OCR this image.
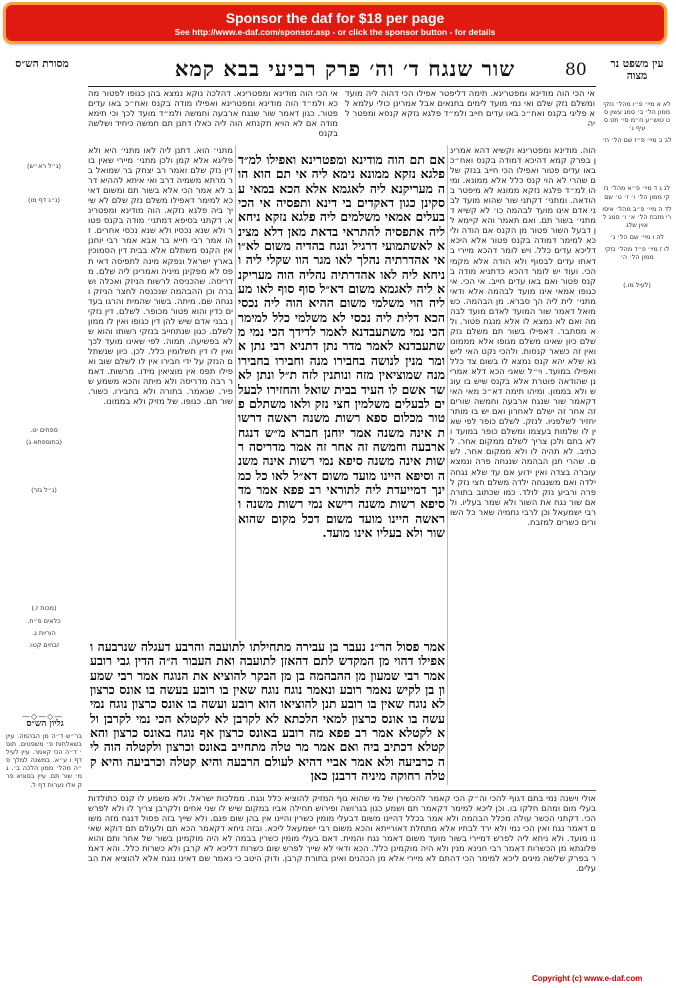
Sponsor the daf for $18 per page
See http://www.e-daf.com/sponsor.asp - or click the sponsor button - for details
80
שור שנגח ד׳ וה׳ פרק רביעי בבא קמא	עין משפט נר מצוה
מסורת הש״ס
אי הכי הוה מודינא ומפטרינא. דהלכה נוקא נמצא בהן כגופו לפטור מהכא ולמ״ד הוה מודינא ומפטרינא ואפילו מודה בקנס ואח״כ באו עדים פטור. כגון דאמר שור שנגח ארבעה וחמשה ולמ״ד מועד לכך וכי תימא מודה אם לא הויא תקנתא הוה ליה כאלו דתנן תם חמשה כיחיד ושלשה בקנס
אי הכי הוה מודינא ומפטרינא. תימה דליפטר אפילו הכי דהוה ליה מועד ומשלם נזק שלם ואי נמי מועד לימים בתנאים אבל אמרינן כולי עלמא לא פליגי בקנס ואח״כ באו עדים חייב ולמ״ד פלגא נזקא קנסא ומפטר ליה
מתני׳ הוא. דתנן ליה לאו מתני׳ היא ולא פליגא אלא קמן ולכן מתני׳ מיירי שאין בו דין נזק שלם ואמר רב יצחק בר שמואל בר מרתא משמיה דרב ואי איתא לההיא דרב לא אמר הכי אלא בשור תם ומשום דאיכא למימר דאפילו משלם נזק שלם לא שייך ביה פלגא נזקא. הוה מודינא ומפטרינא. דקתני בסיפא דמתני׳ מודה בקנס פטור ולא שנא נכסיו ולא שנא נכסי אחרים. זהו אמר רבי חייא בר אבא אמר רבי יוחנן אין הקנס משתלם אלא בבית דין הסמוכין בארץ ישראל ונפקא מינה לתפיסה דאי תפס לא מפקינן מיניה ואמרינן ליה שלם. מדריסה. שהכניסה לרשות הניזק ואכלה ושברה וכן ההבהמה שנכנסה לחצר הניזק ונגחה שם. מיתה. בשור שהמית והרגו בעדים כדין והוא פטור מכופר. לשלם. דין נזקין בבני אדם שיש להן דין כגופו ואין לו ממון לשלם. כגון שנתחייב בנזקי רשותו והוא שלא בפשיעה. תמוה. לפי שאינו מועד לכך ואין לו דין תשלומין כלל. לכן. כיון שנשתלם הנזק על ידי חבירו אין לו לשלם שוב ואפילו תפס אין מוציאין מידו. מרשות. דאמר רבה מדריסה ולא מיתה והכא משמע שפיר. שנאמר. בתורה ולא בחבירו. כשור. שור תם. כגופו. של מזיק ולא בממונו.
הוה. מודינא ומפטרינא וקשיא דהא אמרינן בפרק קמא דהיכא דמודה בקנס ואח״כ באו עדים פטור ואפילו הכי חייב בנזק שלם שהרי לא הוי קנס כלל אלא ממונא. ומיהו למ״ד פלגא נזקא ממונא לא מיפטר בהודאה. ומתני׳ דקתני שור שהוא מועד לבני אדם אינו מועד לבהמה כו׳ לא קשיא דמתני׳ בשור תם. ואם תאמר והא קיימא לן דבעל השור פטור מן הקנס אם הודה וליכא למימר דמודה בקנס פטור אלא היכא דליכא עדים כלל. ויש לומר דהכא מיירי בדאתו עדים לבסוף ולא הודה אלא מקמי הכי. ועוד יש לומר דהכא כדתניא מודה בקנס פטור ואם באו עדים חייב. אי הכי. אי כגופו אמאי אינו מועד לבהמה אלא ודאי מתני׳ לית ליה הך סברא. מן הבהמה. כשמואל דאמר שור המועד לאדם מועד לבהמה ואם לא נמצא לו אלא מנגח פטור. ולא מסתבר. דאפילו בשור תם משלם נזק שלם כיון שאינו משלם מגופו אלא מממונו ואין זה כשאר קנסות. ולהכי נקט האי לישנא שלא יהא קנס נמצא לו בשום צד כלל ואפילו במועד. וי״ל שאני הכא דלא אמרינן שהודאה פוטרת אלא בקנס שיש בו עונש ולא בממון. ומיהו תימה דא״כ מאי האי דקאמר שור שנגח ארבעה וחמשה שורים זה אחר זה ישלם לאחרון ואם יש בו מותר יחזיר לשלפניו. לנזק. לשלם כופר לפי שאין לו שלמות בעצמו ומשלם כופר במועד ולא בתם ולכן צריך לשלם ממקום אחר. לכתיב. לא תהיה לו ולא ממקום אחר. לשם. שהרי תנן הבהמה שנגחה פרה ונמצא עוברה בצדה ואין ידוע אם עד שלא נגחה ילדה ואם משנגחה ילדה משלם חצי נזק לפרה ורביע נזק לולד. כמו שכתוב בתורה אם שור נגח את השור ולא שמר בעליו. ולרבי ישמעאל וכן לרבי נחמיה שאר כל השוורים כשרים למזבח.
אם תם הוה מודינא ומפטרינא ואפילו למ״ד פלגא נזקא ממונא נימא ליה אי תם הוא הוה מעריקנא ליה לאגמא אלא הכא במאי עסקינן כגון דאקדים בי דינא ותפסיה אי הכי בעלים אמאי משלמים ליה פלגא נזקא ניחא ליה אתפסיה להתראי בדאת מאן דלא מצינא לאשתמועי דרגיל ונגח בהדיה משום לא״ו אי אהדרתיה נהלך לאו מגר הוו שקלי ליה וניחא ליה לאו אהדרתיה נהליה הוה מעריקנא ליה לאגמא משום דא״ל סוף סוף לאו מעליה הוי משלמי משום ההיא הוה ליה נכסי הכא דלית ליה נכסי לא משלמי כלל למימר הכי נמי משתעבדנא לאמר לדידך הכי נמי משתעבדנא לאמר מדר נתן דתניא רבי נתן אומר מנין לנושה בחבירו מנה וחבירו בחבירו מנה שמוציאין מזה ונותנין לזה ת״ל ונתן לאשר אשם לו העיד בבית שואל והחזירו לבעלים לבעלים משלמין חצי נזק ולאו משתלם פטור מכלום ספא רשות משנה ראשה דרשות אינה משנה אמר יוחנן חברא מ״ש דנגח ארבעה וחמשה זה אחר זה אמר מדריסה רשות אינה משנה סיפא נמי רשות אינה משנה וסיפא היינו מועד משום דא״ל לאו כל כמינך דמייעדת ליה לתוראי רב פפא אמר מדסיפא רשות משנה רישא נמי רשות משנה וראשה היינו מועד משום דכל מקום שהוא שור ולא בעליו אינו מועד.
אמר פסול הר״נ נעבר בן עבירה מתחילתו לתועבה והרבע דעגלה שנרבעה ואפילו דהוי מן המקדש לתם דהאזן לתועבה ואת העבור ה״ה הדין גבי רובע אמר רבי שמעון מן ההבהמה בן מן הבקר להוציא את הנוגח אמר רבי שמעון בן לקיש נאמר רובע ונאמר נוגח נוגח שאין בו רובע בעשה בו אונס כרצון לא נוגח שאין בו רובע תנן להוציאו הוא רובע ועשה בו אונס כרצון נוגח נמי עשה בו אונס כרצון למאי הלכתא לא לקרבן לא לקטלא הכי נמי לקרבן ולא לקטלא אמר רב פפא מה רובע באונס כרצון אף נוגח באונס כרצון והא קטלא דכתיב ביה ואם אמר מר טלה מתחייב באונס וכרצון ולקטלה הוה ליה כרביעה ולא אמר אביי דהיא לעולם הרבעה והיא קטלה וכרביעה והיא קטלה רחוקה מיניה דרבנן כאן
אולי וישנה נמי בתם דגוף להכי וה״ק הכי קאמר להכשירן של מי שהוא גוף המזיק להוציא כלל ונגח. ממלכות ישראל. ולא משמע לו קנס כתולדות בעלי מום ומהם חלקו בו. וכן ליכא למימר דקאמר תם ושמע כגון בגרושה ופירוש תחילה אביו במקום שיש לו שני אחים ולקרבן צריך לו ולא לפרש הכי. דקתני הכשר עולה מכלל הבהמה ולא אמר בכלל דהיינו משום דבעלי מומין כשרין והיינו אין בהן שום פגם. ולא שייך בזה פסול דנגח מזה משום דאמר נגח ואין הכי נמי ולא ירד לבתיו אלא מתחלת דאורייתא והכא משום רבי ישמעאל ליכא. ובזה ניחא דקאמר הכא תם ולעולם תם דוקא שאינו מועד. ולא ניחא ליה לפרש דמיירי בשור מועד משום דאמר נגח והמית. דאם בעלי מומין כשרין בבמה לא היה מוקמינן בשור של אחר ותם והוא פלוגתא מן הכשרות דאמר רבי חנינא מנין ולא היה מוקמינן כלל. הכא ודאי לא שייך לפרש שום כשרות דליכא לא קרבן ולא כשרות כלל. והא דאמר בפרק שלשה מינים ליכא למימר הכי דהתם לא מיירי אלא מן הכהנים ואינן בתורת קרבן. ודוק היטב כי נאמר שם דאינו נוגח אלא להוציא את הבעלים.
(ג״ל רא״ש)
(נ״ג דף מו)
ספחים יט.
(בתוספתא ג)
(נ״ל גזר)
(מכות ז.)
כלאים פ״ח.
הוריות ג.
זבחים קטו:
—◇—◇—
גליון הש״ס
בר״ש ד״ה מן הבהמה. עיין בשאלתות פ׳ משפטים. תוס׳ ד״ה הכי קאמר. עיין לעיל דף ו ע״א. במשנה למלך פ״ה מהל׳ ממון הלכה ב׳. גמ׳ שור תם. עיין בסוגיא פרק אלו נערות דף ל.
לא א מיי׳ פ״ו מהל׳ נזקי ממון הל׳ ב׳ סמג עשין סט טוש״ע ח״מ סי׳ תט סעיף ג׳
לב ב מיי׳ פ״ז שם הל׳ ח׳
לג ג ד מיי׳ פ״א מהל׳ נזקי ממון הל׳ ו׳ ז׳ ט׳ שם
לד ה מיי׳ פ״ב מהל׳ איסורי מזבח הל׳ א׳ ו׳ סמג לאוין שלג
לה ו מיי׳ שם הל׳ ג׳
לו ז מיי׳ פ״ד מהל׳ נזקי ממון הל׳ ה׳
(לעיל מו.)
Copyright (c) www.e-daf.com
